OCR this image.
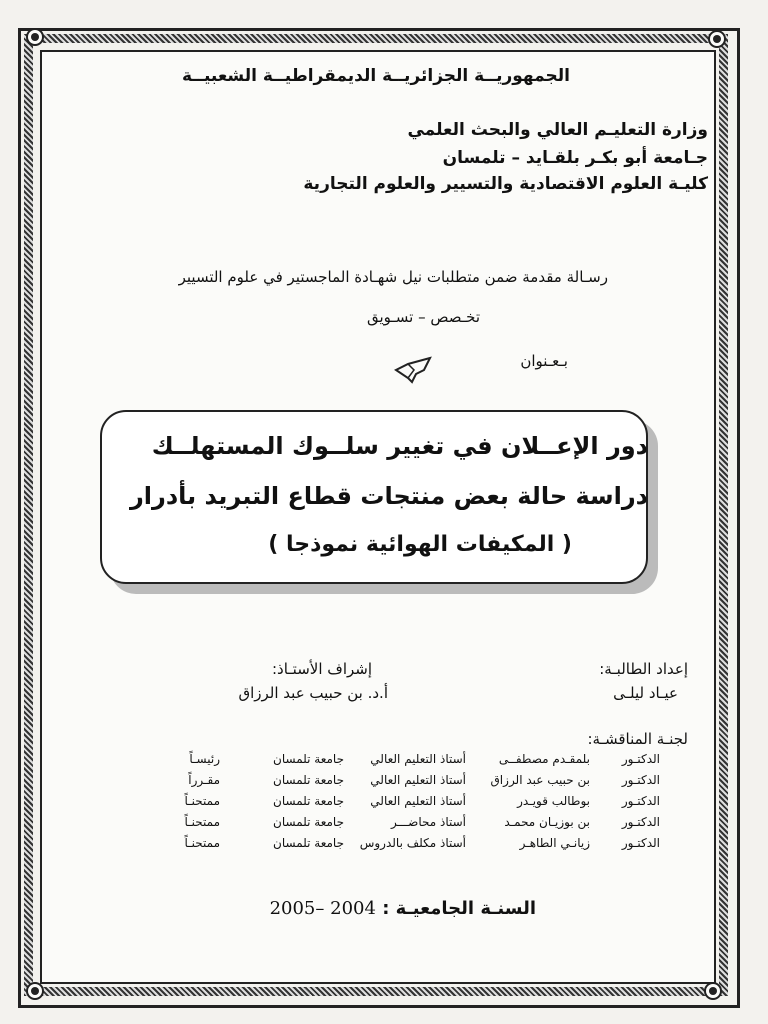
الجمهوريــة الجزائريــة الديمقراطيــة الشعبيــة
وزارة التعليـم العالي والبحث العلمي
جـامعة أبو بكـر بلقـايد – تلمسان
كليـة العلوم الاقتصادية والتسيير والعلوم التجارية
رسـالة مقدمة ضمن متطلبات نيل شهـادة الماجستير في علوم التسيير
تخـصص – تسـويق
بـعـنوان
دور الإعــلان في تغيير سلــوك المستهلــك
دراسة حالة بعض منتجات قطاع التبريد بأدرار
( المكيفات الهوائية نموذجا )
إعداد الطالبـة:
عيـاد ليلـى
إشراف الأستـاذ:
أ.د. بن حبيب عبد الرزاق
لجنـة المناقشـة:
الدكتـور
بلمقـدم مصطفــى
أستاذ التعليم العالي
جامعة تلمسان
رئيسـاً
الدكتـور
بن حبيب عبد الرزاق
أستاذ التعليم العالي
جامعة تلمسان
مقـرراً
الدكتـور
بوطالب قويـدر
أستاذ التعليم العالي
جامعة تلمسان
ممتحنـاً
الدكتـور
بن بوزيـان محمـد
أستاذ محاضـــر
جامعة تلمسان
ممتحنـاً
الدكتـور
زيانـي الطاهـر
أستاذ مكلف بالدروس
جامعة تلمسان
ممتحنـاً
السنـة الجامعيـة : 2004 –2005
